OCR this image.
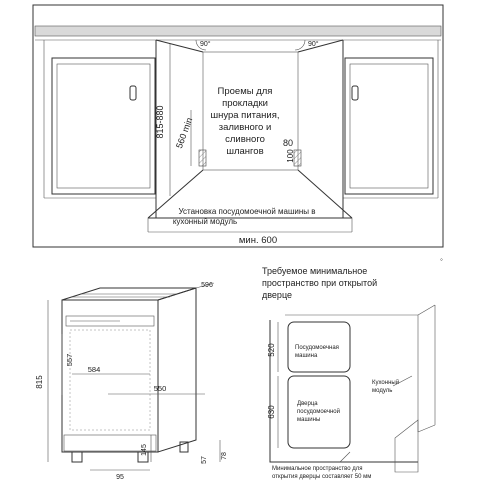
815-880 560 min	80
100
90°	90°
Проемы для
прокладки
шнура питания,
заливного и
сливного
шлангов
Установка посудомоечной машины в
кухонный модуль
мин. 600
815
557
584
550
596
145
57
78
95
Требуемое минимальное
пространство при открытой
дверце
◦
Посудомоечная
машина
Дверца
посудомоечной
машины
Кухонный
модуль
520
630
Минимальное пространство для
открытия дверцы составляет 50 мм
